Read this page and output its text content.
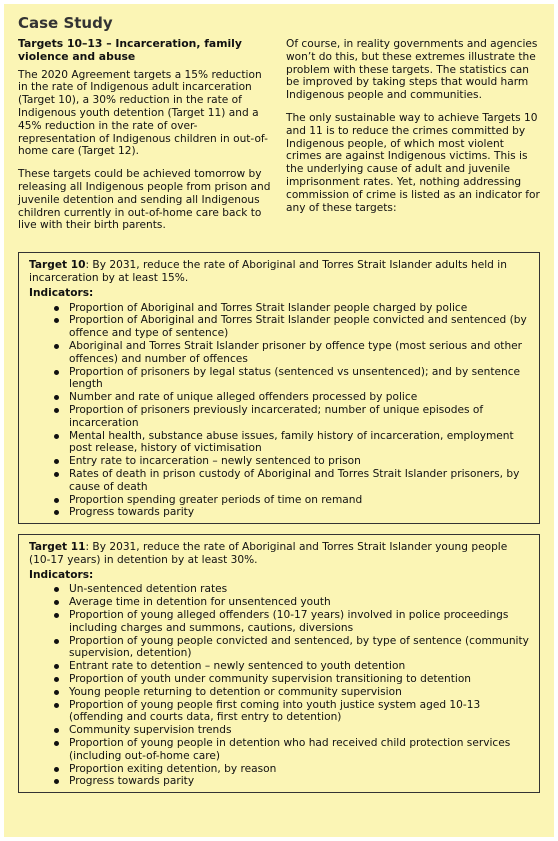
Case Study
Targets 10–13 – Incarceration, family violence and abuse

The 2020 Agreement targets a 15% reduction in the rate of Indigenous adult incarceration (Target 10), a 30% reduction in the rate of Indigenous youth detention (Target 11) and a 45% reduction in the rate of over-representation of Indigenous children in out-of-home care (Target 12).

These targets could be achieved tomorrow by releasing all Indigenous people from prison and juvenile detention and sending all Indigenous children currently in out-of-home care back to live with their birth parents.

Of course, in reality governments and agencies won’t do this, but these extremes illustrate the problem with these targets. The statistics can be improved by taking steps that would harm Indigenous people and communities.

The only sustainable way to achieve Targets 10 and 11 is to reduce the crimes committed by Indigenous people, of which most violent crimes are against Indigenous victims. This is the underlying cause of adult and juvenile imprisonment rates. Yet, nothing addressing commission of crime is listed as an indicator for any of these targets:

Target 10: By 2031, reduce the rate of Aboriginal and Torres Strait Islander adults held in incarceration by at least 15%.
Indicators:
Proportion of Aboriginal and Torres Strait Islander people charged by police
Proportion of Aboriginal and Torres Strait Islander people convicted and sentenced (by offence and type of sentence)
Aboriginal and Torres Strait Islander prisoner by offence type (most serious and other offences) and number of offences
Proportion of prisoners by legal status (sentenced vs unsentenced); and by sentence length
Number and rate of unique alleged offenders processed by police
Proportion of prisoners previously incarcerated; number of unique episodes of incarceration
Mental health, substance abuse issues, family history of incarceration, employment post release, history of victimisation
Entry rate to incarceration – newly sentenced to prison
Rates of death in prison custody of Aboriginal and Torres Strait Islander prisoners, by cause of death
Proportion spending greater periods of time on remand
Progress towards parity
Target 11: By 2031, reduce the rate of Aboriginal and Torres Strait Islander young people (10-17 years) in detention by at least 30%.
Indicators:
Un-sentenced detention rates
Average time in detention for unsentenced youth
Proportion of young alleged offenders (10-17 years) involved in police proceedings including charges and summons, cautions, diversions
Proportion of young people convicted and sentenced, by type of sentence (community supervision, detention)
Entrant rate to detention – newly sentenced to youth detention
Proportion of youth under community supervision transitioning to detention
Young people returning to detention or community supervision
Proportion of young people first coming into youth justice system aged 10-13 (offending and courts data, first entry to detention)
Community supervision trends
Proportion of young people in detention who had received child protection services (including out-of-home care)
Proportion exiting detention, by reason
Progress towards parity
